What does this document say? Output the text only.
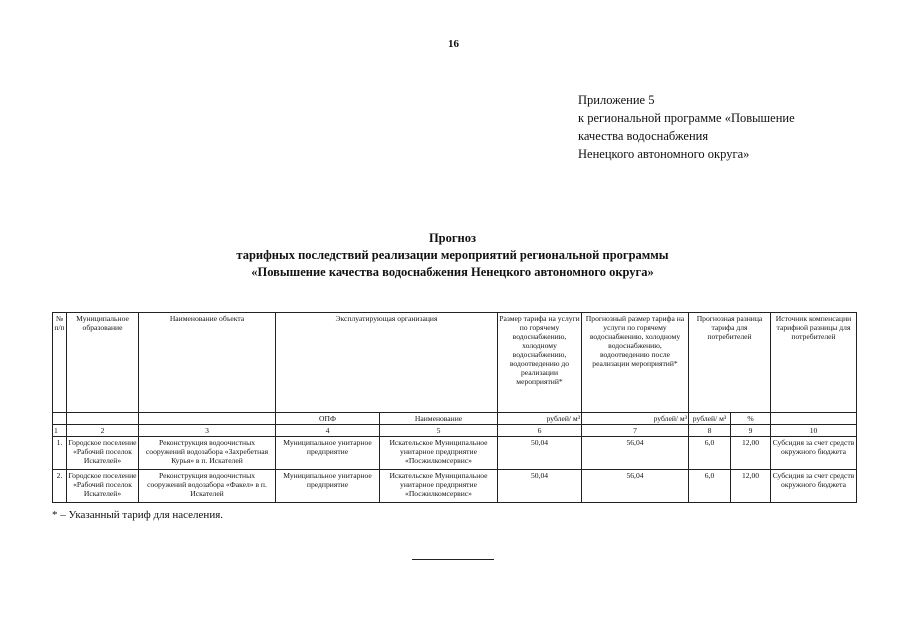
16
Приложение 5
к региональной программе «Повышение
качества водоснабжения
Ненецкого автономного округа»
Прогноз
тарифных последствий реализации мероприятий региональной программы
«Повышение качества водоснабжения Ненецкого автономного округа»
№ п/п	Муниципальное образование	Наименование объекта	Эксплуатирующая организация		Размер тарифа на услуги по горячему водоснабжению, холодному водоснабжению, водоотведению до реализации мероприятий*	Прогнозный размер тарифа на услуги по горячему водоснабжению, холодному водоснабжению, водоотведению после реализации мероприятий*	Прогнозная разница тарифа для потребителей		Источник компенсации тарифной разницы для потребителей
			ОПФ	Наименование	рублей/ м³	рублей/ м³	рублей/ м³	%	
1	2	3	4	5	6	7	8	9	10
1.	Городское поселение «Рабочий поселок Искателей»	Реконструкция водоочистных сооружений водозабора «Захребетная Курья» в п. Искателей	Муниципальное унитарное предприятие	Искательское Муниципальное унитарное предприятие «Посжилкомсервис»	50,04	56,04	6,0	12,00	Субсидия за счет средств окружного бюджета
2.	Городское поселение «Рабочий поселок Искателей»	Реконструкция водоочистных сооружений водозабора «Факел» в п. Искателей	Муниципальное унитарное предприятие	Искательское Муниципальное унитарное предприятие «Посжилкомсервис»	50,04	56,04	6,0	12,00	Субсидия за счет средств окружного бюджета
* – Указанный тариф для населения.
